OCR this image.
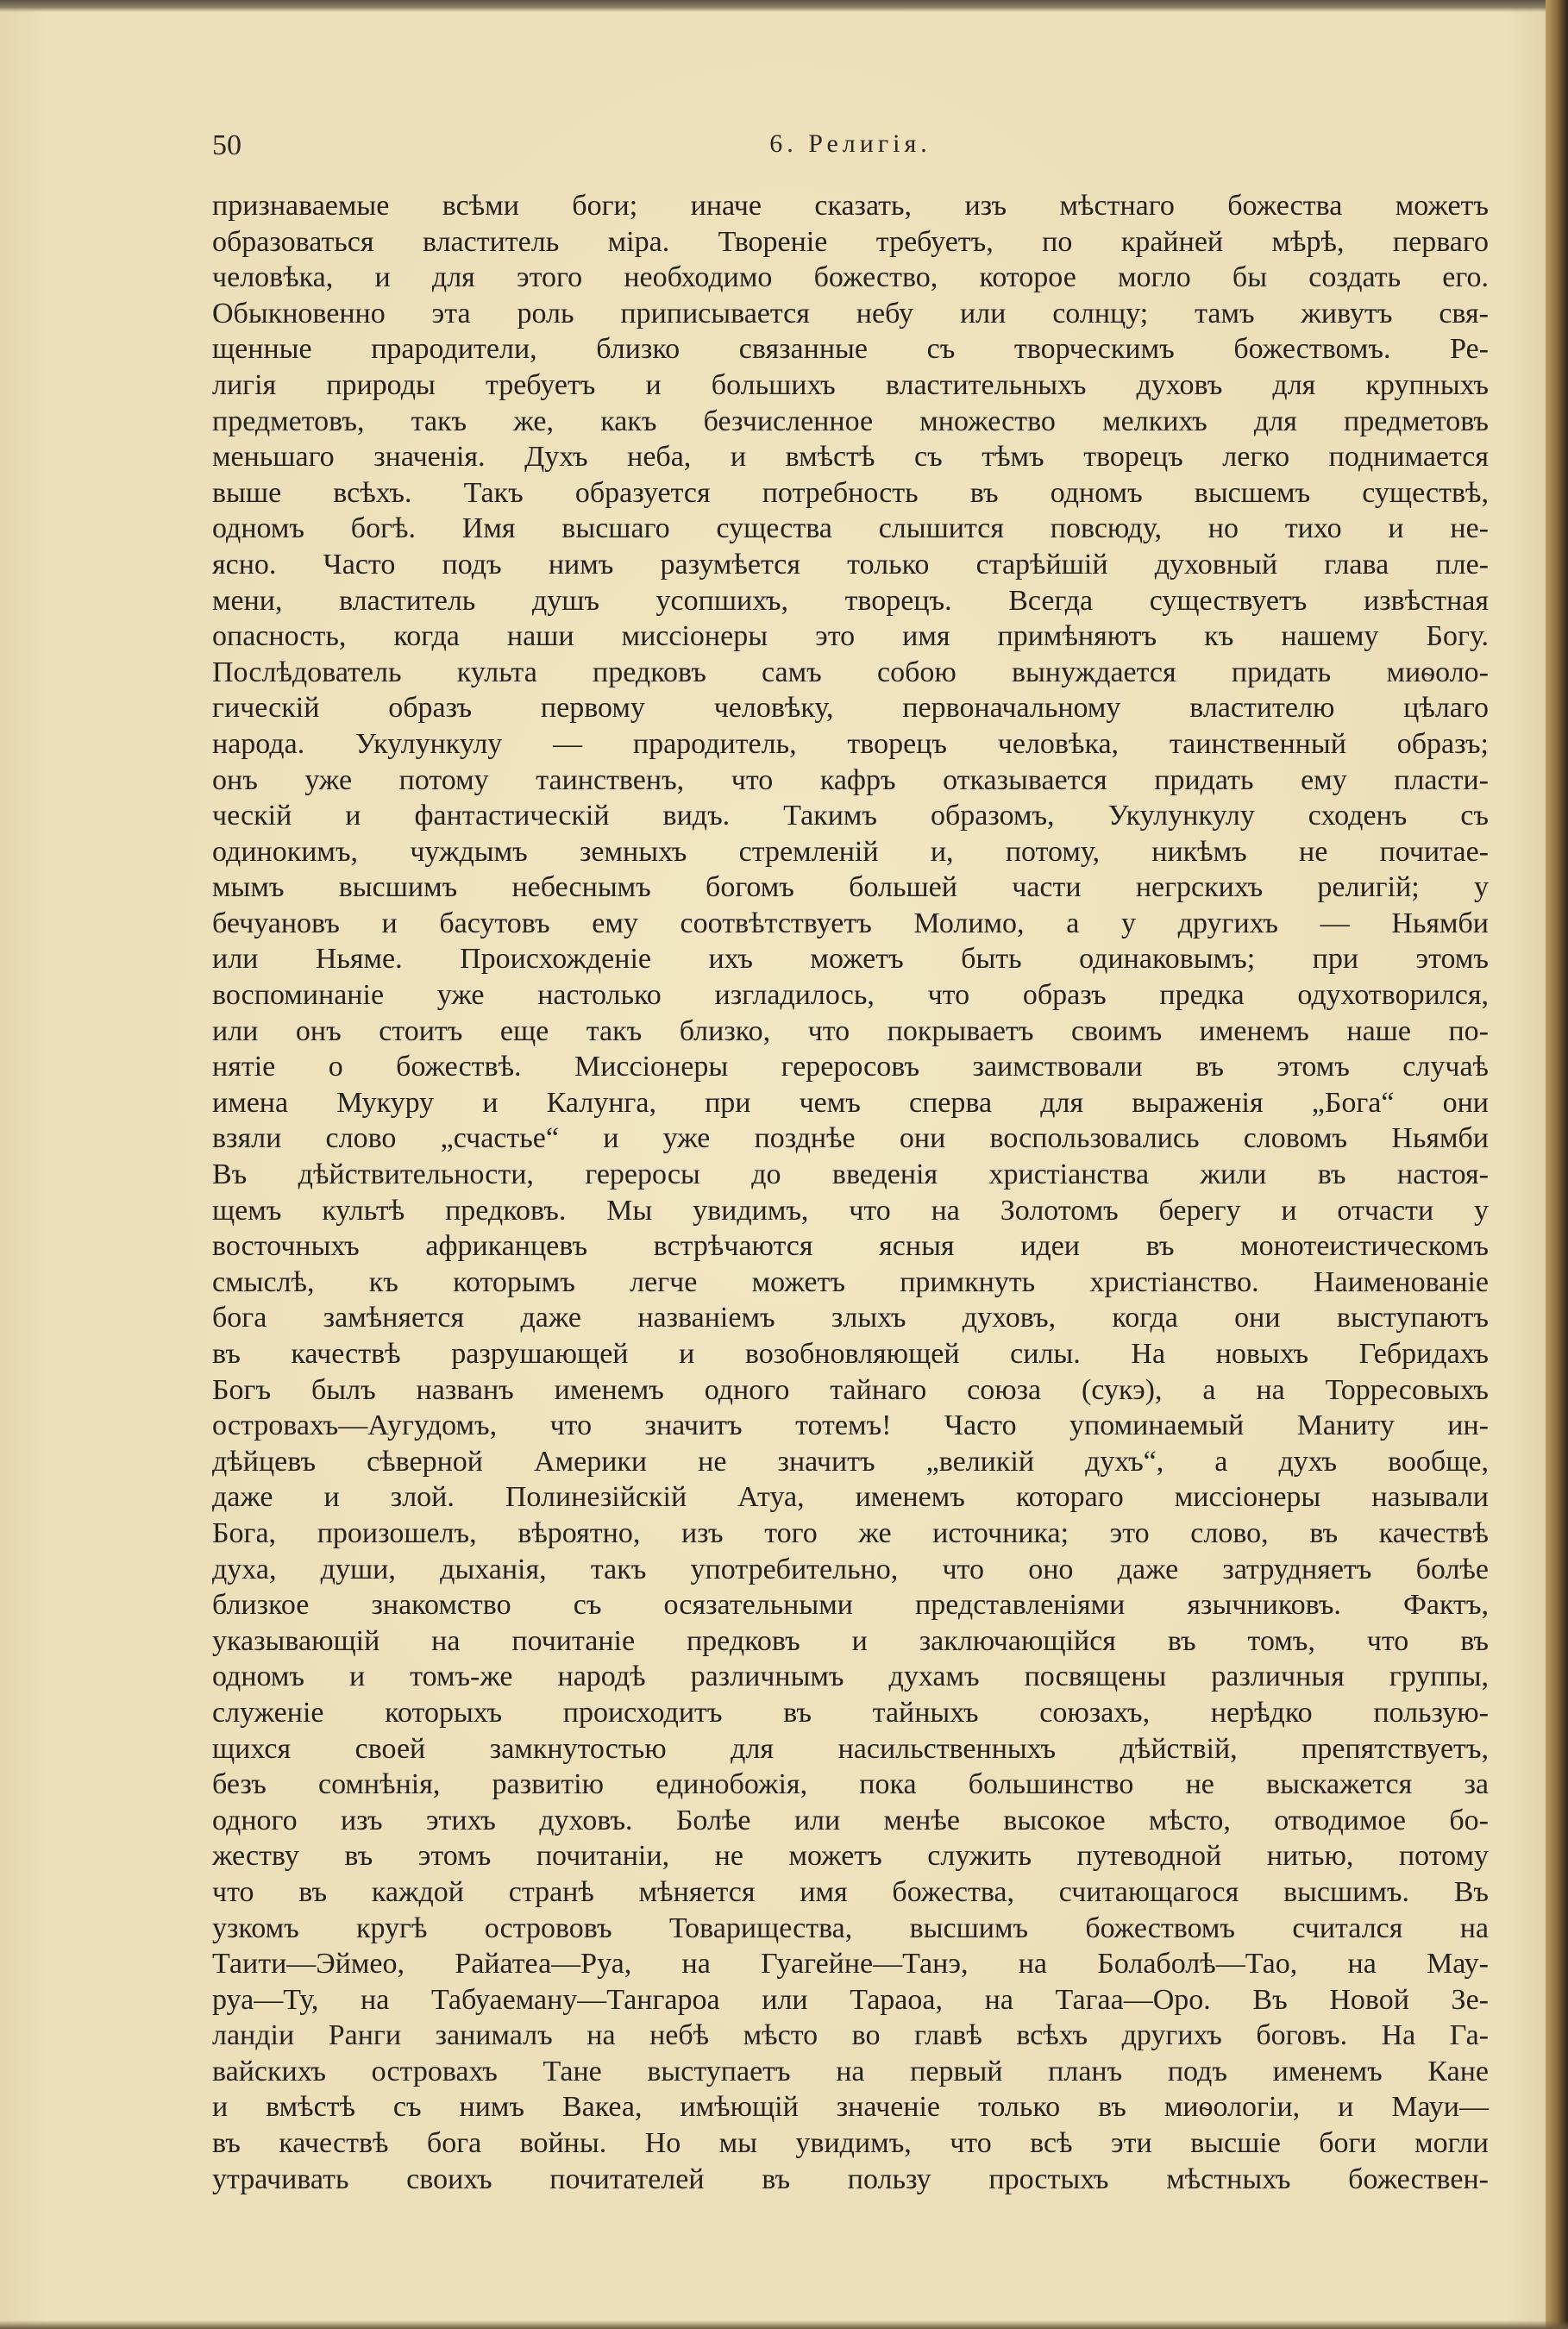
6. Религія.
50
признаваемые всѣми боги; иначе сказать, изъ мѣстнаго божества можетъ
образоваться властитель міра. Твореніе требуетъ, по крайней мѣрѣ, перваго
человѣка, и для этого необходимо божество, которое могло бы создать его.
Обыкновенно эта роль приписывается небу или солнцу; тамъ живутъ свя-
щенные прародители, близко связанные съ творческимъ божествомъ. Ре-
лигія природы требуетъ и большихъ властительныхъ духовъ для крупныхъ
предметовъ, такъ же, какъ безчисленное множество мелкихъ для предметовъ
меньшаго значенія. Духъ неба, и вмѣстѣ съ тѣмъ творецъ легко поднимается
выше всѣхъ. Такъ образуется потребность въ одномъ высшемъ существѣ,
одномъ богѣ. Имя высшаго существа слышится повсюду, но тихо и не-
ясно. Часто подъ нимъ разумѣется только старѣйшій духовный глава пле-
мени, властитель душъ усопшихъ, творецъ. Всегда существуетъ извѣстная
опасность, когда наши миссіонеры это имя примѣняютъ къ нашему Богу.
Послѣдователь культа предковъ самъ собою вынуждается придать миѳоло-
гическій образъ первому человѣку, первоначальному властителю цѣлаго
народа. Укулункулу — прародитель, творецъ человѣка, таинственный образъ;
онъ уже потому таинственъ, что кафръ отказывается придать ему пласти-
ческій и фантастическій видъ. Такимъ образомъ, Укулункулу сходенъ съ
одинокимъ, чуждымъ земныхъ стремленій и, потому, никѣмъ не почитае-
мымъ высшимъ небеснымъ богомъ большей части негрскихъ религій; у
бечуановъ и басутовъ ему соотвѣтствуетъ Молимо, а у другихъ — Ньямби
или Ньяме. Происхожденіе ихъ можетъ быть одинаковымъ; при этомъ
воспоминаніе уже настолько изгладилось, что образъ предка одухотворился,
или онъ стоитъ еще такъ близко, что покрываетъ своимъ именемъ наше по-
нятіе о божествѣ. Миссіонеры гереросовъ заимствовали въ этомъ случаѣ
имена Мукуру и Калунга, при чемъ сперва для выраженія „Бога“ они
взяли слово „счастье“ и уже позднѣе они воспользовались словомъ Ньямби
Въ дѣйствительности, гереросы до введенія христіанства жили въ настоя-
щемъ культѣ предковъ. Мы увидимъ, что на Золотомъ берегу и отчасти у
восточныхъ африканцевъ встрѣчаются ясныя идеи въ монотеистическомъ
смыслѣ, къ которымъ легче можетъ примкнуть христіанство. Наименованіе
бога замѣняется даже названіемъ злыхъ духовъ, когда они выступаютъ
въ качествѣ разрушающей и возобновляющей силы. На новыхъ Гебридахъ
Богъ былъ названъ именемъ одного тайнаго союза (сукэ), а на Торресовыхъ
островахъ—Аугудомъ, что значитъ тотемъ! Часто упоминаемый Маниту ин-
дѣйцевъ сѣверной Америки не значитъ „великій духъ“, а духъ вообще,
даже и злой. Полинезійскій Атуа, именемъ котораго миссіонеры называли
Бога, произошелъ, вѣроятно, изъ того же источника; это слово, въ качествѣ
духа, души, дыханія, такъ употребительно, что оно даже затрудняетъ болѣе
близкое знакомство съ осязательными представленіями язычниковъ. Фактъ,
указывающій на почитаніе предковъ и заключающійся въ томъ, что въ
одномъ и томъ-же народѣ различнымъ духамъ посвящены различныя группы,
служеніе которыхъ происходитъ въ тайныхъ союзахъ, нерѣдко пользую-
щихся своей замкнутостью для насильственныхъ дѣйствій, препятствуетъ,
безъ сомнѣнія, развитію единобожія, пока большинство не выскажется за
одного изъ этихъ духовъ. Болѣе или менѣе высокое мѣсто, отводимое бо-
жеству въ этомъ почитаніи, не можетъ служить путеводной нитью, потому
что въ каждой странѣ мѣняется имя божества, считающагося высшимъ. Въ
узкомъ кругѣ острововъ Товарищества, высшимъ божествомъ считался на
Таити—Эймео, Райатеа—Руа, на Гуагейне—Танэ, на Болаболѣ—Тао, на Мау-
руа—Ту, на Табуаеману—Тангароа или Тараоа, на Тагаа—Оро. Въ Новой Зе-
ландіи Ранги занималъ на небѣ мѣсто во главѣ всѣхъ другихъ боговъ. На Га-
вайскихъ островахъ Тане выступаетъ на первый планъ подъ именемъ Кане
и вмѣстѣ съ нимъ Вакеа, имѣющій значеніе только въ миѳологіи, и Мауи—
въ качествѣ бога войны. Но мы увидимъ, что всѣ эти высшіе боги могли
утрачивать своихъ почитателей въ пользу простыхъ мѣстныхъ божествен-
